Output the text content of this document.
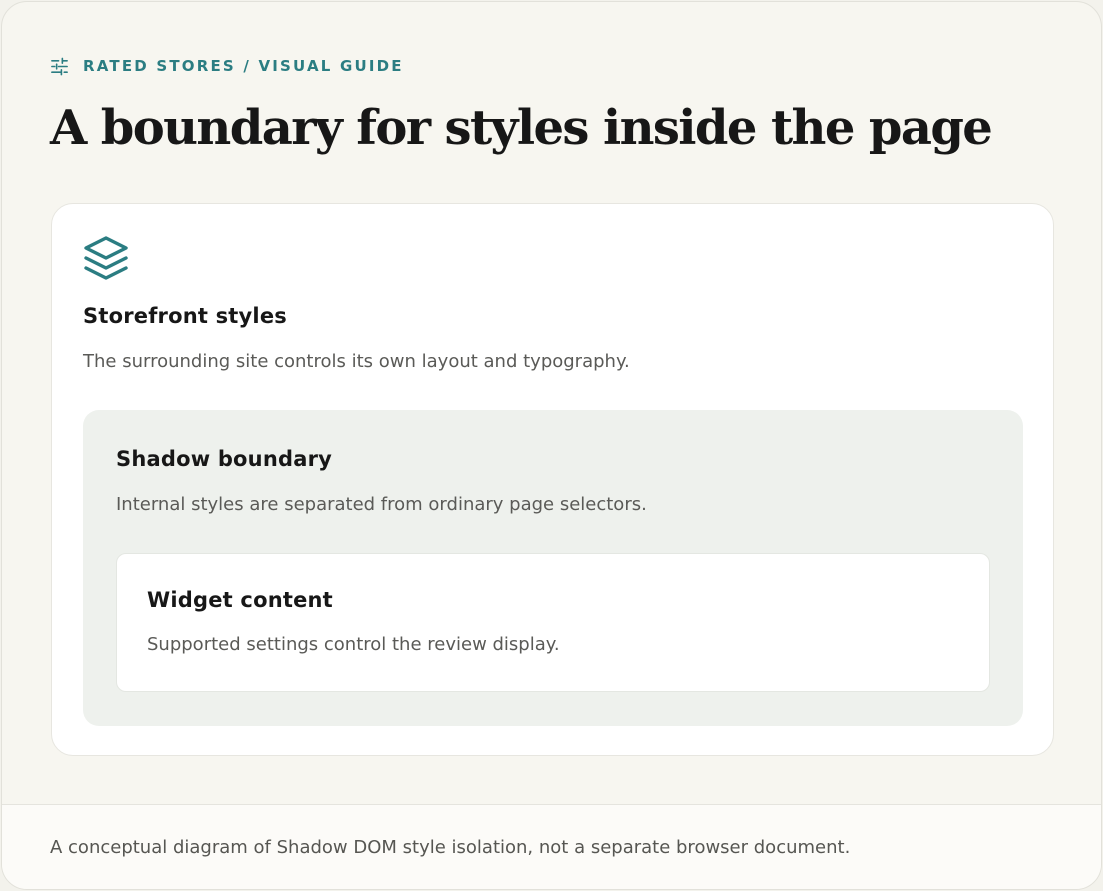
RATED STORES / VISUAL GUIDE
A boundary for styles inside the page
Storefront styles

The surrounding site controls its own layout and typography.

Shadow boundary

Internal styles are separated from ordinary page selectors.

Widget content

Supported settings control the review display.

A conceptual diagram of Shadow DOM style isolation, not a separate browser document.
